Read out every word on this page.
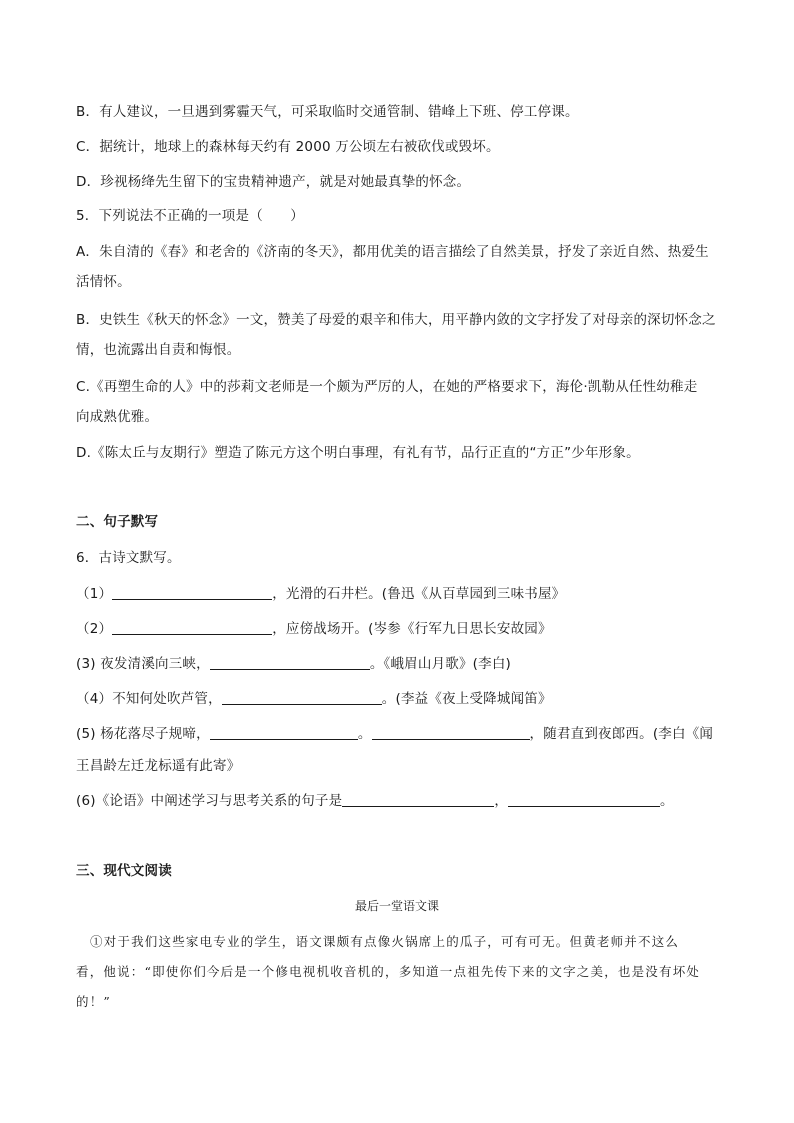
B．有人建议，一旦遇到雾霾天气，可采取临时交通管制、错峰上下班、停工停课。
C．据统计，地球上的森林每天约有 2000 万公顷左右被砍伐或毁坏。
D．珍视杨绛先生留下的宝贵精神遗产，就是对她最真挚的怀念。
5．下列说法不正确的一项是（　　）
A．朱自清的《春》和老舍的《济南的冬天》，都用优美的语言描绘了自然美景，抒发了亲近自然、热爱生
活情怀。
B．史铁生《秋天的怀念》一文，赞美了母爱的艰辛和伟大，用平静内敛的文字抒发了对母亲的深切怀念之
情，也流露出自责和悔恨。
C.《再塑生命的人》中的莎莉文老师是一个颇为严厉的人，在她的严格要求下，海伦·凯勒从任性幼稚走
向成熟优雅。
D.《陈太丘与友期行》塑造了陈元方这个明白事理，有礼有节，品行正直的“方正”少年形象。
二、句子默写
6．古诗文默写。
（1）	，光滑的石井栏。(鲁迅《从百草园到三味书屋》
（2）	，应傍战场开。(岑参《行军九日思长安故园》
(3) 夜发清溪向三峡，	。《峨眉山月歌》(李白)
（4）不知何处吹芦管，	。(李益《夜上受降城闻笛》
(5) 杨花落尽子规啼，	。	，随君直到夜郎西。(李白《闻
王昌龄左迁龙标遥有此寄》
(6)《论语》中阐述学习与思考关系的句子是	，	。
三、现代文阅读
最后一堂语文课
①对于我们这些家电专业的学生，语文课颇有点像火锅席上的瓜子，可有可无。但黄老师并不这么
看，他说：“即使你们今后是一个修电视机收音机的，多知道一点祖先传下来的文字之美，也是没有坏处
的！”
